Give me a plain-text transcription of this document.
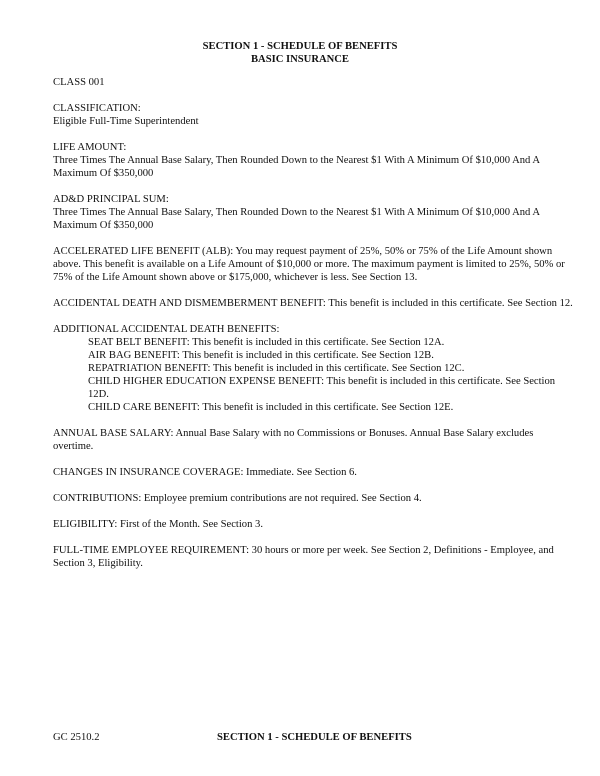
SECTION 1 - SCHEDULE OF BENEFITS
BASIC INSURANCE
CLASS 001

CLASSIFICATION:

Eligible Full-Time Superintendent

LIFE AMOUNT:

Three Times The Annual Base Salary, Then Rounded Down to the Nearest $1 With A Minimum Of $10,000 And A Maximum Of $350,000

AD&D PRINCIPAL SUM:

Three Times The Annual Base Salary, Then Rounded Down to the Nearest $1 With A Minimum Of $10,000 And A Maximum Of $350,000

ACCELERATED LIFE BENEFIT (ALB): You may request payment of 25%, 50% or 75% of the Life Amount shown above. This benefit is available on a Life Amount of $10,000 or more. The maximum payment is limited to 25%, 50% or 75% of the Life Amount shown above or $175,000, whichever is less. See Section 13.

ACCIDENTAL DEATH AND DISMEMBERMENT BENEFIT: This benefit is included in this certificate. See Section 12.

ADDITIONAL ACCIDENTAL DEATH BENEFITS:

SEAT BELT BENEFIT: This benefit is included in this certificate. See Section 12A.

AIR BAG BENEFIT: This benefit is included in this certificate. See Section 12B.

REPATRIATION BENEFIT: This benefit is included in this certificate. See Section 12C.

CHILD HIGHER EDUCATION EXPENSE BENEFIT: This benefit is included in this certificate. See Section 12D.

CHILD CARE BENEFIT: This benefit is included in this certificate. See Section 12E.

ANNUAL BASE SALARY: Annual Base Salary with no Commissions or Bonuses. Annual Base Salary excludes overtime.

CHANGES IN INSURANCE COVERAGE: Immediate. See Section 6.

CONTRIBUTIONS: Employee premium contributions are not required. See Section 4.

ELIGIBILITY: First of the Month. See Section 3.

FULL-TIME EMPLOYEE REQUIREMENT: 30 hours or more per week. See Section 2, Definitions - Employee, and Section 3, Eligibility.

GC 2510.2	SECTION 1 - SCHEDULE OF BENEFITS
